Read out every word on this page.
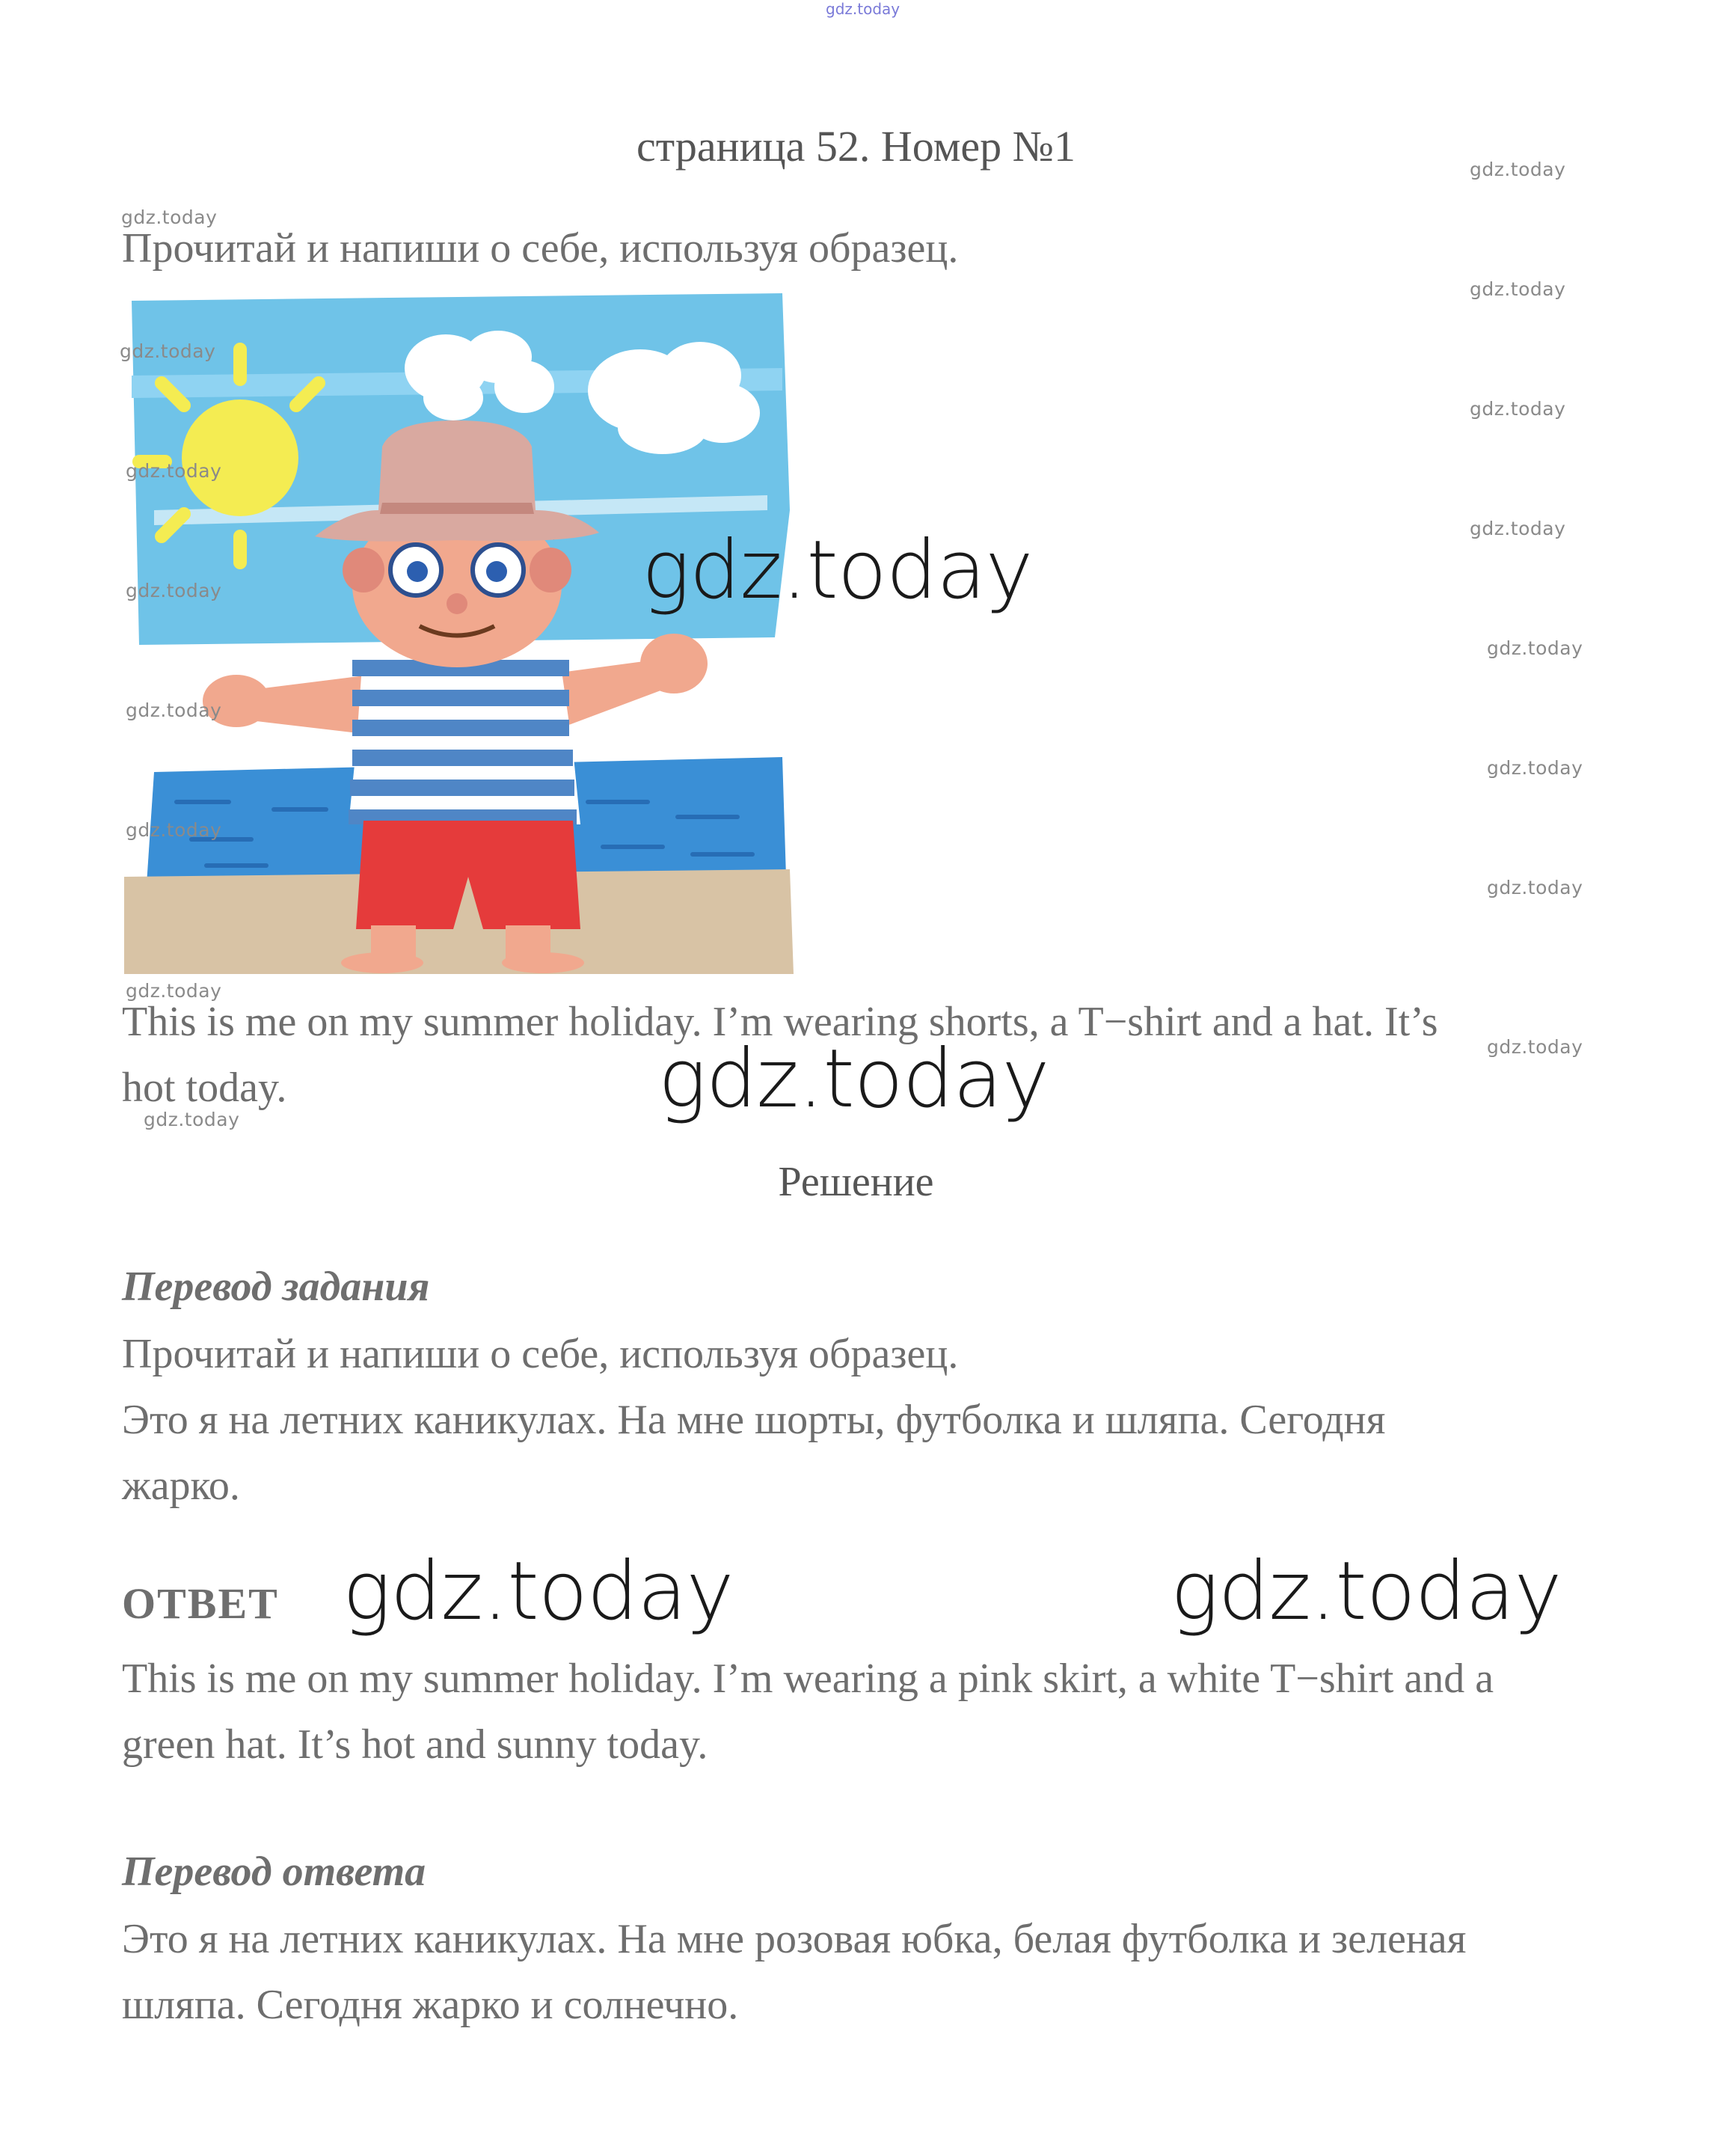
gdz.today
страница 52. Номер №1
Прочитай и напиши о себе, используя образец.
This is me on my summer holiday. I’m wearing shorts, a T−shirt and a hat. It’s
hot today.
Решение
Перевод задания
Прочитай и напиши о себе, используя образец.
Это я на летних каникулах. На мне шорты, футболка и шляпа. Сегодня
жарко.
ОТВЕТ
This is me on my summer holiday. I’m wearing a pink skirt, a white T−shirt and a
green hat. It’s hot and sunny today.
Перевод ответа
Это я на летних каникулах. На мне розовая юбка, белая футболка и зеленая
шляпа. Сегодня жарко и солнечно.
gdz.today
gdz.today
gdz.today
gdz.today
gdz.today
gdz.today
gdz.today
gdz.today
gdz.today
gdz.today
gdz.today
gdz.today
gdz.today
gdz.today
gdz.today
gdz.today
gdz.today
gdz.today
gdz.today	gdz.today
